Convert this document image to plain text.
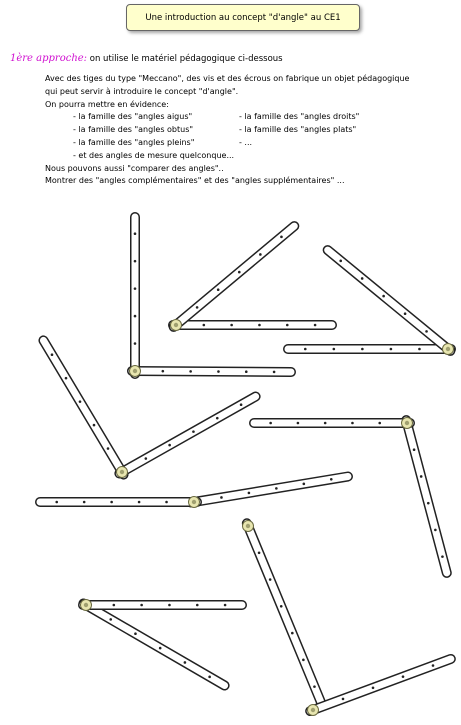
Une introduction au concept "d'angle" au CE1
1ère approche: on utilise le matériel pédagogique ci-dessous
Avec des tiges du type "Meccano", des vis et des écrous on fabrique un objet pédagogique
qui peut servir à introduire le concept "d'angle".
On pourra mettre en évidence:
- la famille des "angles aigus"
- la famille des "angles obtus"
- la famille des "angles pleins"
- la famille des "angles droits"
- la famille des "angles plats"
- ...
- et des angles de mesure quelconque...
Nous pouvons aussi "comparer des angles"..
Montrer des "angles complémentaires" et des "angles supplémentaires" ...
